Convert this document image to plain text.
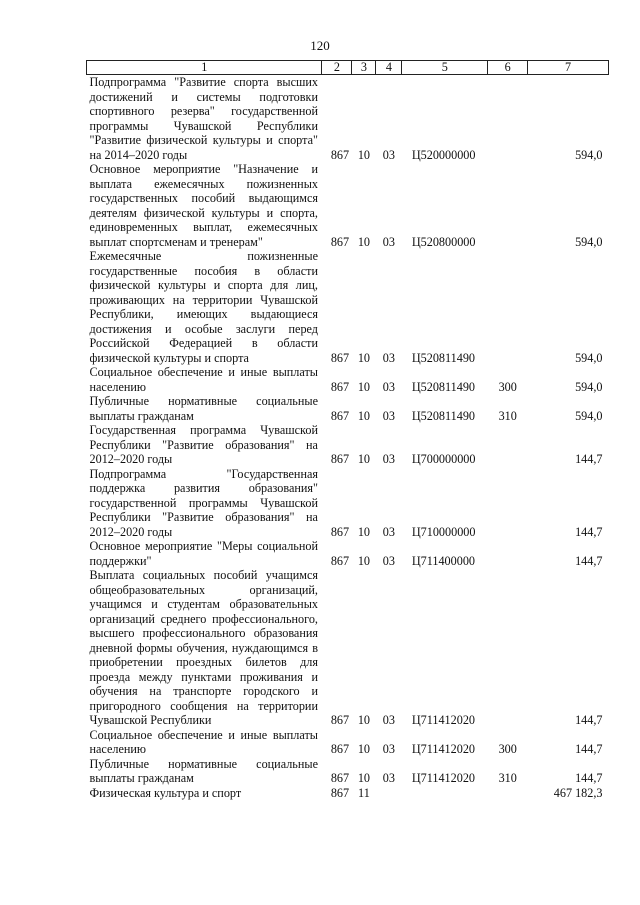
120
1	2	3	4	5	6	7
Подпрограмма "Развитие спорта высших достижений и системы подготовки спортивного резерва" государственной программы Чувашской Республики "Развитие физической культуры и спорта" на 2014–2020 годы	867	10	03	Ц520000000		594,0
Основное мероприятие "Назначение и выплата ежемесячных пожизненных государственных пособий выдающимся деятелям физической культуры и спорта, единовременных выплат, ежемесячных выплат спортсменам и тренерам"	867	10	03	Ц520800000		594,0
Ежемесячные пожизненные государственные пособия в области физической культуры и спорта для лиц, проживающих на территории Чувашской Республики, имеющих выдающиеся достижения и особые заслуги перед Российской Федерацией в области физической культуры и спорта	867	10	03	Ц520811490		594,0
Социальное обеспечение и иные выплаты населению	867	10	03	Ц520811490	300	594,0
Публичные нормативные социальные выплаты гражданам	867	10	03	Ц520811490	310	594,0
Государственная программа Чувашской Республики "Развитие образования" на 2012–2020 годы	867	10	03	Ц700000000		144,7
Подпрограмма "Государственная поддержка развития образования" государственной программы Чувашской Республики "Развитие образования" на 2012–2020 годы	867	10	03	Ц710000000		144,7
Основное мероприятие "Меры социальной поддержки"	867	10	03	Ц711400000		144,7
Выплата социальных пособий учащимся общеобразовательных организаций, учащимся и студентам образовательных организаций среднего профессионального, высшего профессионального образования дневной формы обучения, нуждающимся в приобретении проездных билетов для проезда между пунктами проживания и обучения на транспорте городского и пригородного сообщения на территории Чувашской Республики	867	10	03	Ц711412020		144,7
Социальное обеспечение и иные выплаты населению	867	10	03	Ц711412020	300	144,7
Публичные нормативные социальные выплаты гражданам	867	10	03	Ц711412020	310	144,7
Физическая культура и спорт	867	11				467 182,3
